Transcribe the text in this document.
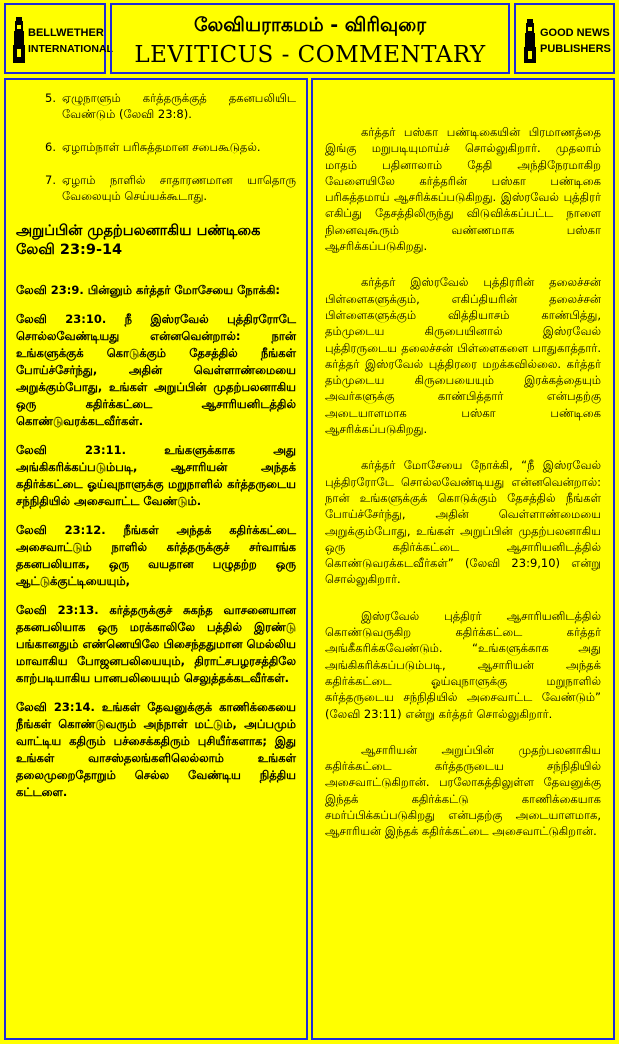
BELLWETHER
INTERNATIONAL
லேவியராகமம் - விரிவுரை
LEVITICUS - COMMENTARY
GOOD NEWS
PUBLISHERS
5. ஏழுநாளும் கர்த்தருக்குத் தகனபலியிட வேண்டும் (லேவி 23:8).
6. ஏழாம்நாள் பரிசுத்தமான சபைகூடுதல்.
7. ஏழாம் நாளில் சாதாரணமான யாதொரு வேலையும் செய்யக்கூடாது.
அறுப்பின் முதற்பலனாகிய பண்டிகை
லேவி 23:9-14

லேவி 23:9. பின்னும் கர்த்தர் மோசேயை நோக்கி:

லேவி 23:10. நீ இஸ்ரவேல் புத்திரரோடே சொல்லவேண்டியது என்னவென்றால்: நான் உங்களுக்குக் கொடுக்கும் தேசத்தில் நீங்கள் போய்ச்சேர்ந்து, அதின் வெள்ளாண்மையை அறுக்கும்போது, உங்கள் அறுப்பின் முதற்பலனாகிய ஒரு கதிர்க்கட்டை ஆசாரியனிடத்தில் கொண்டுவரக்கடவீர்கள்.

லேவி 23:11. உங்களுக்காக அது அங்கிகரிக்கப்படும்படி, ஆசாரியன் அந்தக் கதிர்க்கட்டை ஓய்வுநாளுக்கு மறுநாளில் கர்த்தருடைய சந்நிதியில் அசைவாட்ட வேண்டும்.

லேவி 23:12. நீங்கள் அந்தக் கதிர்க்கட்டை அசைவாட்டும் நாளில் கர்த்தருக்குச் சர்வாங்க தகனபலியாக, ஒரு வயதான பழுதற்ற ஒரு ஆட்டுக்குட்டியையும்,

லேவி 23:13. கர்த்தருக்குச் சுகந்த வாசனையான தகனபலியாக ஒரு மரக்காலிலே பத்தில் இரண்டு பங்கானதும் எண்ணெயிலே பிசைந்ததுமான மெல்லிய மாவாகிய போஜனபலியையும், திராட்சபழரசத்திலே காற்படியாகிய பானபலியையும் செலுத்தக்கடவீர்கள்.

லேவி 23:14. உங்கள் தேவனுக்குக் காணிக்கையை நீங்கள் கொண்டுவரும் அந்நாள் மட்டும், அப்பமும் வாட்டிய கதிரும் பச்சைக்கதிரும் புசியீர்களாக; இது உங்கள் வாசஸ்தலங்களிலெல்லாம் உங்கள் தலைமுறைதோறும் செல்ல வேண்டிய நித்திய கட்டளை.

கர்த்தர் பஸ்கா பண்டிகையின் பிரமாணத்தை இங்கு மறுபடியுமாய்ச் சொல்லுகிறார். முதலாம் மாதம் பதினாலாம் தேதி அந்திநேரமாகிற வேளையிலே கர்த்தரின் பஸ்கா பண்டிகை பரிசுத்தமாய் ஆசரிக்கப்படுகிறது. இஸ்ரவேல் புத்திரர் எகிப்து தேசத்திலிருந்து விடுவிக்கப்பட்ட நாளை நினைவுகூரும் வண்ணமாக பஸ்கா ஆசரிக்கப்படுகிறது.

கர்த்தர் இஸ்ரவேல் புத்திரரின் தலைச்சன் பிள்ளைகளுக்கும், எகிப்தியரின் தலைச்சன் பிள்ளைகளுக்கும் வித்தியாசம் காண்பித்து, தம்முடைய கிருபையினால் இஸ்ரவேல் புத்திரருடைய தலைச்சன் பிள்ளைகளை பாதுகாத்தார். கர்த்தர் இஸ்ரவேல் புத்திரரை மறக்கவில்லை. கர்த்தர் தம்முடைய கிருபையையும் இரக்கத்தையும் அவர்களுக்கு காண்பித்தார் என்பதற்கு அடையாளமாக பஸ்கா பண்டிகை ஆசரிக்கப்படுகிறது.

கர்த்தர் மோசேயை நோக்கி, “நீ இஸ்ரவேல் புத்திரரோடே சொல்லவேண்டியது என்னவென்றால்: நான் உங்களுக்குக் கொடுக்கும் தேசத்தில் நீங்கள் போய்ச்சேர்ந்து, அதின் வெள்ளாண்மையை அறுக்கும்போது, உங்கள் அறுப்பின் முதற்பலனாகிய ஒரு கதிர்க்கட்டை ஆசாரியனிடத்தில் கொண்டுவரக்கடவீர்கள்” (லேவி 23:9,10) என்று சொல்லுகிறார்.

இஸ்ரவேல் புத்திரர் ஆசாரியனிடத்தில் கொண்டுவருகிற கதிர்க்கட்டை கர்த்தர் அங்கீகரிக்கவேண்டும். “உங்களுக்காக அது அங்கிகரிக்கப்படும்படி, ஆசாரியன் அந்தக் கதிர்க்கட்டை ஓய்வுநாளுக்கு மறுநாளில் கர்த்தருடைய சந்நிதியில் அசைவாட்ட வேண்டும்” (லேவி 23:11) என்று கர்த்தர் சொல்லுகிறார்.

ஆசாரியன் அறுப்பின் முதற்பலனாகிய கதிர்க்கட்டை கர்த்தருடைய சந்நிதியில் அசைவாட்டுகிறான். பரலோகத்திலுள்ள தேவனுக்கு இந்தக் கதிர்க்கட்டு காணிக்கையாக சமர்ப்பிக்கப்படுகிறது என்பதற்கு அடையாளமாக, ஆசாரியன் இந்தக் கதிர்க்கட்டை அசைவாட்டுகிறான்.
